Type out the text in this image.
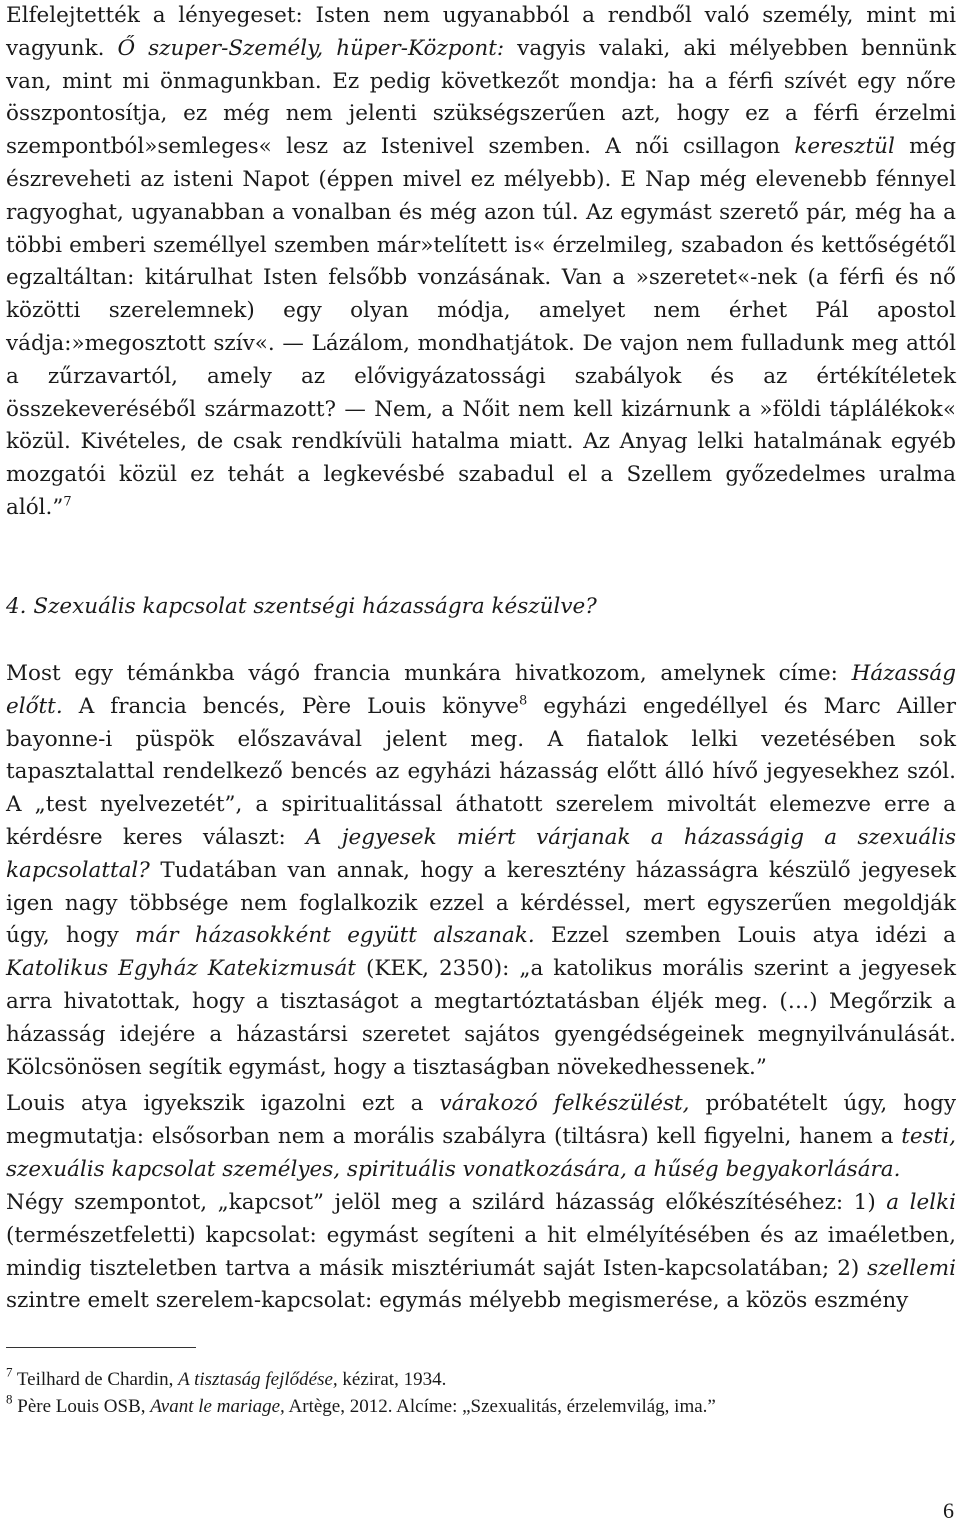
Elfelejtették a lényegeset: Isten nem ugyanabból a rendből való személy, mint mi vagyunk. Ő szuper-Személy, hüper-Központ: vagyis valaki, aki mélyebben bennünk van, mint mi önmagunkban. Ez pedig következőt mondja: ha a férfi szívét egy nőre összpontosítja, ez még nem jelenti szükségszerűen azt, hogy ez a férfi érzelmi szempontból»semleges« lesz az Istenivel szemben. A női csillagon keresztül még észreveheti az isteni Napot (éppen mivel ez mélyebb). E Nap még elevenebb fénnyel ragyoghat, ugyanabban a vonalban és még azon túl. Az egymást szerető pár, még ha a többi emberi személlyel szemben már»telített is« érzelmileg, szabadon és kettőségétől egzaltáltan: kitárulhat Isten felsőbb vonzásának. Van a »szeretet«-nek (a férfi és nő közötti szerelemnek) egy olyan módja, amelyet nem érhet Pál apostol vádja:»megosztott szív«. — Lázálom, mondhatjátok. De vajon nem fulladunk meg attól a zűrzavartól, amely az elővigyázatossági szabályok és az értékítéletek összekeveréséből származott? — Nem, a Nőit nem kell kizárnunk a »földi táplálékok« közül. Kivételes, de csak rendkívüli hatalma miatt. Az Anyag lelki hatalmának egyéb mozgatói közül ez tehát a legkevésbé szabadul el a Szellem győzedelmes uralma alól.”$^7$

4. Szexuális kapcsolat szentségi házasságra készülve?

Most egy témánkba vágó francia munkára hivatkozom, amelynek címe: Házasság előtt. A francia bencés, Père Louis könyve$^8$ egyházi engedéllyel és Marc Ailler bayonne-i püspök előszavával jelent meg. A fiatalok lelki vezetésében sok tapasztalattal rendelkező bencés az egyházi házasság előtt álló hívő jegyesekhez szól. A „test nyelvezetét”, a spiritualitással áthatott szerelem mivoltát elemezve erre a kérdésre keres választ: A jegyesek miért várjanak a házasságig a szexuális kapcsolattal? Tudatában van annak, hogy a keresztény házasságra készülő jegyesek igen nagy többsége nem foglalkozik ezzel a kérdéssel, mert egyszerűen megoldják úgy, hogy már házasokként együtt alszanak. Ezzel szemben Louis atya idézi a Katolikus Egyház Katekizmusát (KEK, 2350): „a katolikus morális szerint a jegyesek arra hivatottak, hogy a tisztaságot a megtartóztatásban éljék meg. (…) Megőrzik a házasság idejére a házastársi szeretet sajátos gyengédségeinek megnyilvánulását. Kölcsönösen segítik egymást, hogy a tisztaságban növekedhessenek.”

Louis atya igyekszik igazolni ezt a várakozó felkészülést, próbatételt úgy, hogy megmutatja: elsősorban nem a morális szabályra (tiltásra) kell figyelni, hanem a testi, szexuális kapcsolat személyes, spirituális vonatkozására, a hűség begyakorlására.

Négy szempontot, „kapcsot” jelöl meg a szilárd házasság előkészítéséhez: 1) a lelki (természetfeletti) kapcsolat: egymást segíteni a hit elmélyítésében és az imaéletben, mindig tiszteletben tartva a másik misztériumát saját Isten-kapcsolatában; 2) szellemi szintre emelt szerelem-kapcsolat: egymás mélyebb megismerése, a közös eszmény

$^7$ Teilhard de Chardin, A tisztaság fejlődése, kézirat, 1934.

$^8$ Père Louis OSB, Avant le mariage, Artège, 2012. Alcíme: „Szexualitás, érzelemvilág, ima.”

6
